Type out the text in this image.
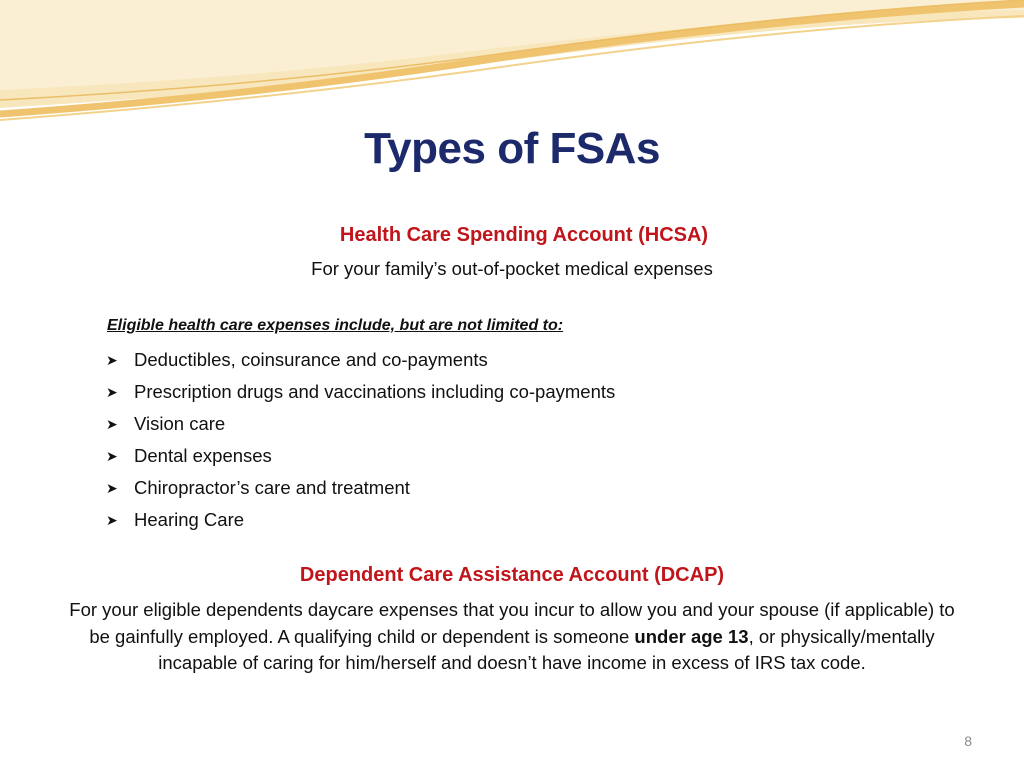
Types of FSAs
Health Care Spending Account (HCSA)
For your family’s out-of-pocket medical expenses
Eligible health care expenses include, but are not limited to:
➤ Deductibles, coinsurance and co-payments
➤ Prescription drugs and vaccinations including co-payments
➤ Vision care
➤ Dental expenses
➤ Chiropractor’s care and treatment
➤ Hearing Care
Dependent Care Assistance Account (DCAP)
For your eligible dependents daycare expenses that you incur to allow you and your spouse (if applicable) to be gainfully employed. A qualifying child or dependent is someone under age 13, or physically/mentally incapable of caring for him/herself and doesn’t have income in excess of IRS tax code.
8
